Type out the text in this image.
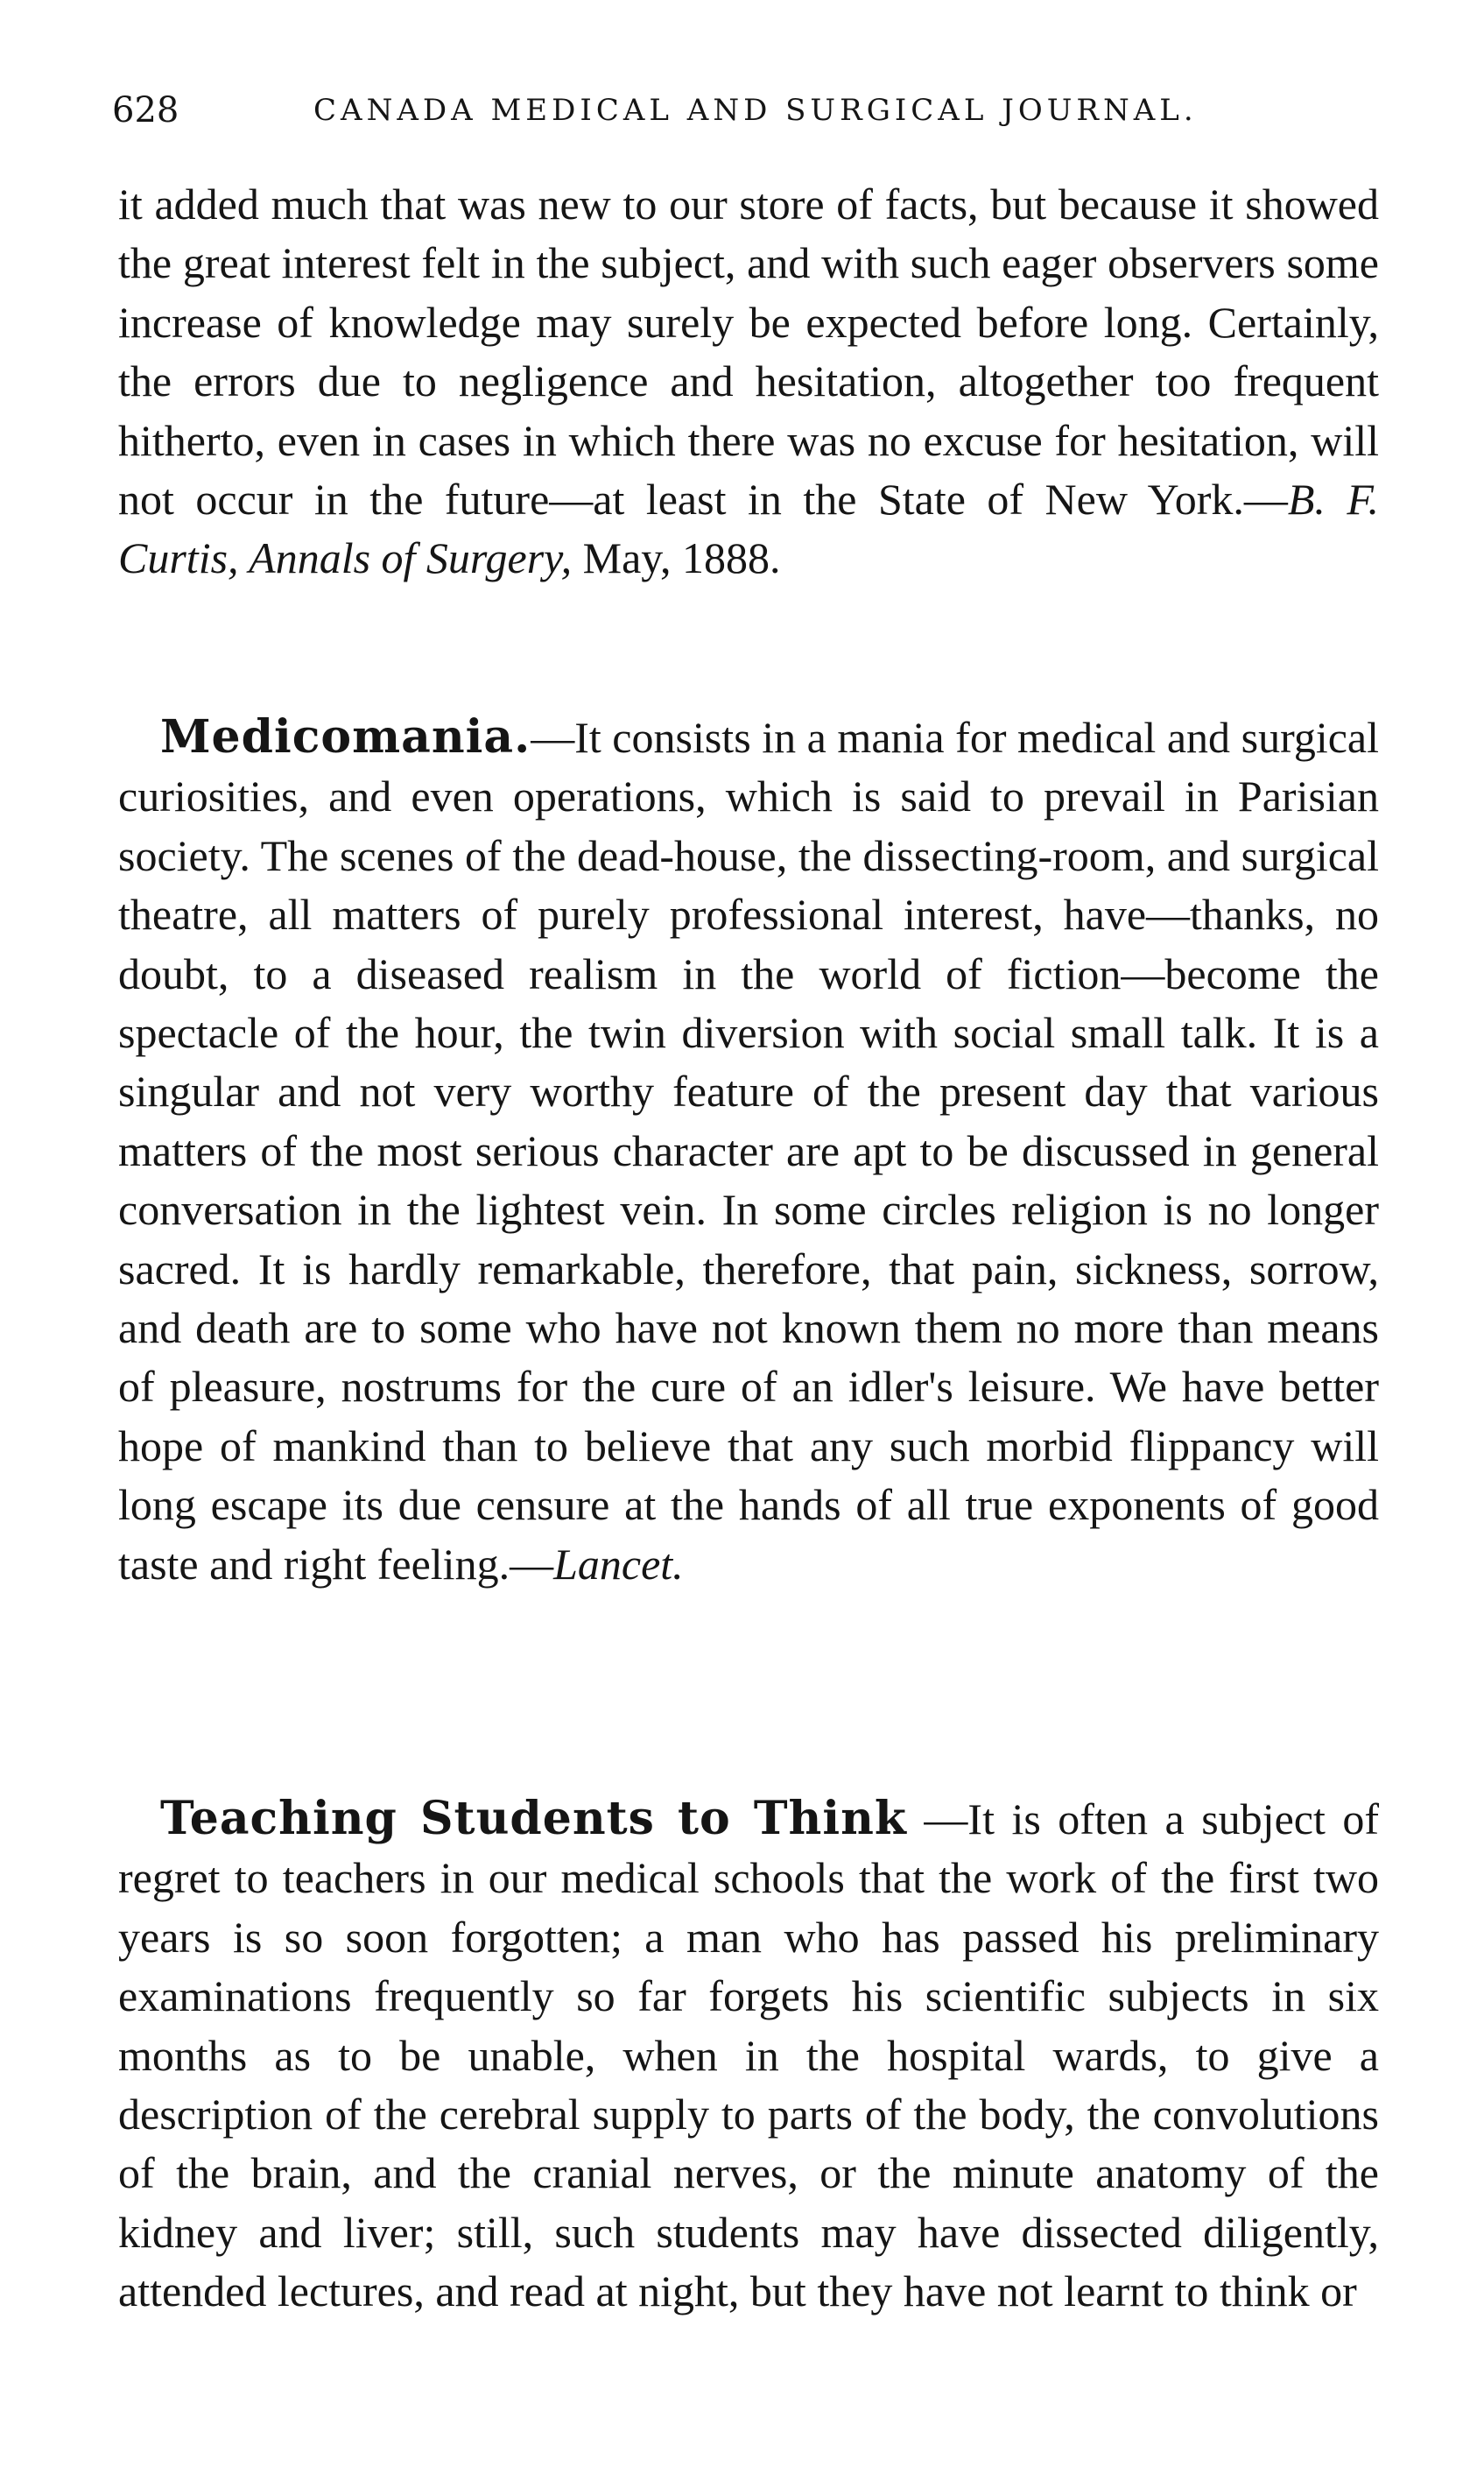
628	CANADA MEDICAL AND SURGICAL JOURNAL.

it added much that was new to our store of facts, but because it showed the great interest felt in the subject, and with such eager observers some increase of knowledge may surely be expected before long. Certainly, the errors due to negligence and hesitation, altogether too frequent hitherto, even in cases in which there was no excuse for hesitation, will not occur in the future—at least in the State of New York.—B. F. Curtis, Annals of Surgery, May, 1888.

Medicomania.—It consists in a mania for medical and surgical curiosities, and even operations, which is said to prevail in Parisian society. The scenes of the dead-house, the dissecting-room, and surgical theatre, all matters of purely professional interest, have—thanks, no doubt, to a diseased realism in the world of fiction—become the spectacle of the hour, the twin diversion with social small talk. It is a singular and not very worthy feature of the present day that various matters of the most serious character are apt to be discussed in general conversation in the lightest vein. In some circles religion is no longer sacred. It is hardly remarkable, therefore, that pain, sickness, sorrow, and death are to some who have not known them no more than means of pleasure, nostrums for the cure of an idler's leisure. We have better hope of mankind than to believe that any such morbid flippancy will long escape its due censure at the hands of all true exponents of good taste and right feeling.—Lancet.

Teaching Students to Think —It is often a subject of regret to teachers in our medical schools that the work of the first two years is so soon forgotten; a man who has passed his preliminary examinations frequently so far forgets his scientific subjects in six months as to be unable, when in the hospital wards, to give a description of the cerebral supply to parts of the body, the convolutions of the brain, and the cranial nerves, or the minute anatomy of the kidney and liver; still, such students may have dissected diligently, attended lectures, and read at night, but they have not learnt to think or
